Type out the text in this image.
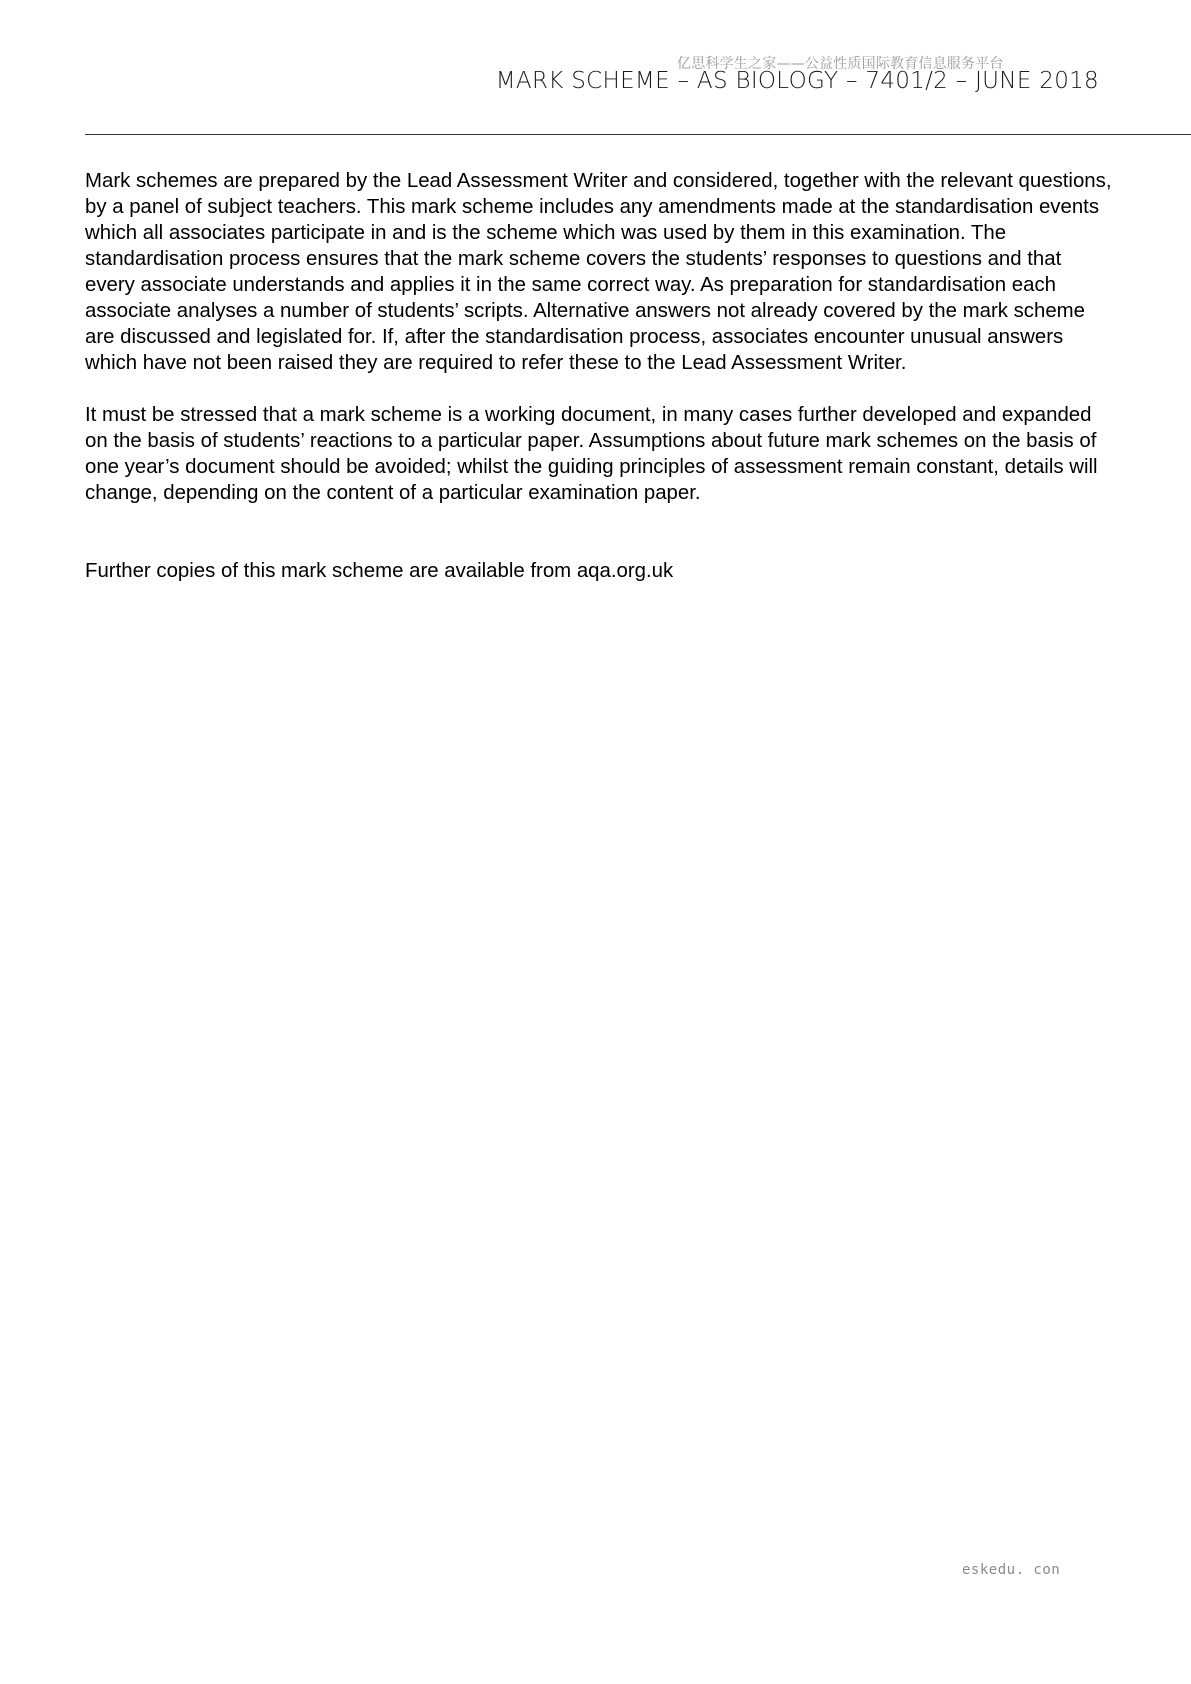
亿思科学生之家——公益性质国际教育信息服务平台
MARK SCHEME – AS BIOLOGY – 7401/2 – JUNE 2018

Mark schemes are prepared by the Lead Assessment Writer and considered, together with the relevant questions, by a panel of subject teachers. This mark scheme includes any amendments made at the standardisation events which all associates participate in and is the scheme which was used by them in this examination. The standardisation process ensures that the mark scheme covers the students’ responses to questions and that every associate understands and applies it in the same correct way. As preparation for standardisation each associate analyses a number of students’ scripts. Alternative answers not already covered by the mark scheme are discussed and legislated for. If, after the standardisation process, associates encounter unusual answers which have not been raised they are required to refer these to the Lead Assessment Writer.

It must be stressed that a mark scheme is a working document, in many cases further developed and expanded on the basis of students’ reactions to a particular paper. Assumptions about future mark schemes on the basis of one year’s document should be avoided; whilst the guiding principles of assessment remain constant, details will change, depending on the content of a particular examination paper.

Further copies of this mark scheme are available from aqa.org.uk

eskedu. con
